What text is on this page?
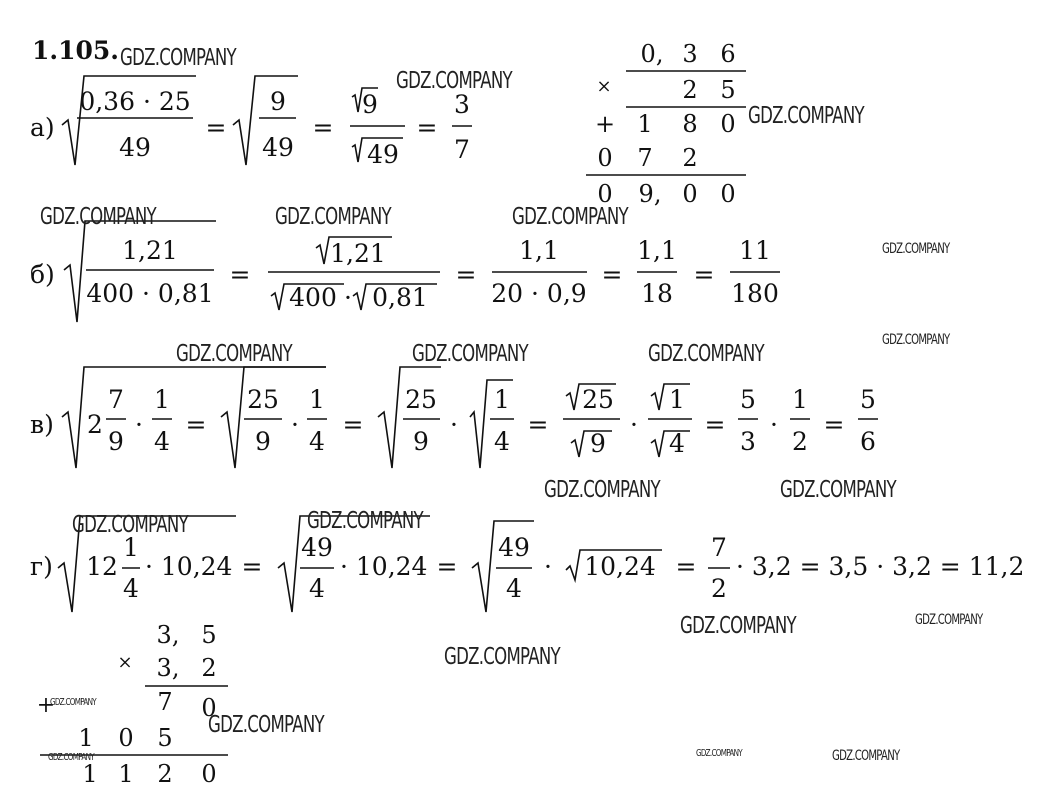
1.105.
а)
0,36 · 25
49
=
9
49
=
9
49
=
3
7
б)
1,21
400 · 0,81
=
1,21
400 · 0,81
=
1,1
20 · 0,9
=
1,1
18
=
11
180
в) 2
7
9
·
1
4
=
25
9
·
1
4
=
25
9
·
1
4
=
25
9
·
1
4
=
5
3
·
1
2
=
5
6
г) 12
1
4
· 10,24 =
49
4
· 10,24 =
49
4
· 10,24 =
7
2
· 3,2 = 3,5 · 3,2 = 11,2
×
+
0, 3 6
2 5
1 8 0
0 7 2
0 9, 0 0
×
+
3, 5
3, 2
7 0
1 0 5
1 1 2 0
GDZ.COMPANY
GDZ.COMPANY
GDZ.COMPANY
GDZ.COMPANY	GDZ.COMPANY	GDZ.COMPANY
GDZ.COMPANY
GDZ.COMPANY
GDZ.COMPANY	GDZ.COMPANY	GDZ.COMPANY
GDZ.COMPANY	GDZ.COMPANY
GDZ.COMPANY	GDZ.COMPANY
GDZ.COMPANY	GDZ.COMPANY
GDZ.COMPANY
GDZ.COMPANY
GDZ.COMPANY
GDZ.COMPANY	GDZ.COMPANY	GDZ.COMPANY
